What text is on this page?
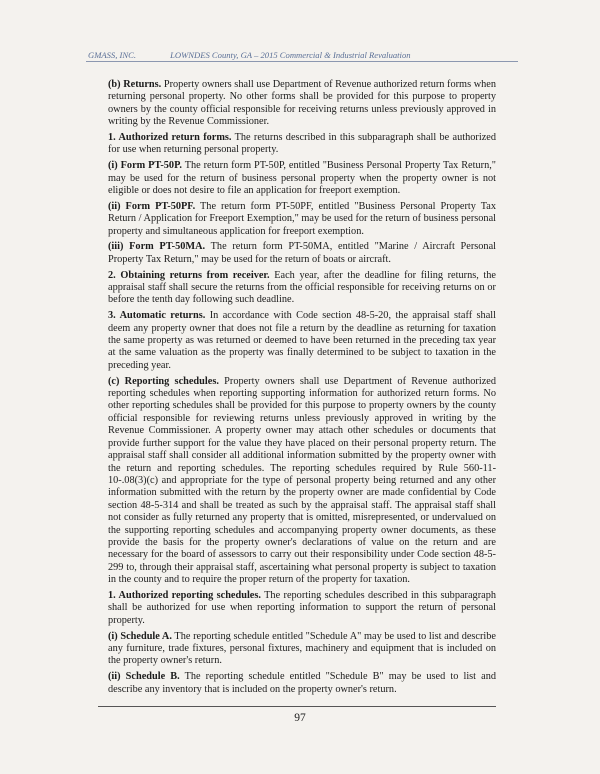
GMASS, INC.	LOWNDES County, GA – 2015 Commercial & Industrial Revaluation

(b) Returns. Property owners shall use Department of Revenue authorized return forms when returning personal property. No other forms shall be provided for this purpose to property owners by the county official responsible for receiving returns unless previously approved in writing by the Revenue Commissioner.

1. Authorized return forms. The returns described in this subparagraph shall be authorized for use when returning personal property.

(i) Form PT-50P. The return form PT-50P, entitled "Business Personal Property Tax Return," may be used for the return of business personal property when the property owner is not eligible or does not desire to file an application for freeport exemption.

(ii) Form PT-50PF. The return form PT-50PF, entitled "Business Personal Property Tax Return / Application for Freeport Exemption," may be used for the return of business personal property and simultaneous application for freeport exemption.

(iii) Form PT-50MA. The return form PT-50MA, entitled "Marine / Aircraft Personal Property Tax Return," may be used for the return of boats or aircraft.

2. Obtaining returns from receiver. Each year, after the deadline for filing returns, the appraisal staff shall secure the returns from the official responsible for receiving returns on or before the tenth day following such deadline.

3. Automatic returns. In accordance with Code section 48-5-20, the appraisal staff shall deem any property owner that does not file a return by the deadline as returning for taxation the same property as was returned or deemed to have been returned in the preceding tax year at the same valuation as the property was finally determined to be subject to taxation in the preceding year.

(c) Reporting schedules. Property owners shall use Department of Revenue authorized reporting schedules when reporting supporting information for authorized return forms. No other reporting schedules shall be provided for this purpose to property owners by the county official responsible for reviewing returns unless previously approved in writing by the Revenue Commissioner. A property owner may attach other schedules or documents that provide further support for the value they have placed on their personal property return. The appraisal staff shall consider all additional information submitted by the property owner with the return and reporting schedules. The reporting schedules required by Rule 560-11-10-.08(3)(c) and appropriate for the type of personal property being returned and any other information submitted with the return by the property owner are made confidential by Code section 48-5-314 and shall be treated as such by the appraisal staff. The appraisal staff shall not consider as fully returned any property that is omitted, misrepresented, or undervalued on the supporting reporting schedules and accompanying property owner documents, as these provide the basis for the property owner's declarations of value on the return and are necessary for the board of assessors to carry out their responsibility under Code section 48-5-299 to, through their appraisal staff, ascertaining what personal property is subject to taxation in the county and to require the proper return of the property for taxation.

1. Authorized reporting schedules. The reporting schedules described in this subparagraph shall be authorized for use when reporting information to support the return of personal property.

(i) Schedule A. The reporting schedule entitled "Schedule A" may be used to list and describe any furniture, trade fixtures, personal fixtures, machinery and equipment that is included on the property owner's return.

(ii) Schedule B. The reporting schedule entitled "Schedule B" may be used to list and describe any inventory that is included on the property owner's return.

97
